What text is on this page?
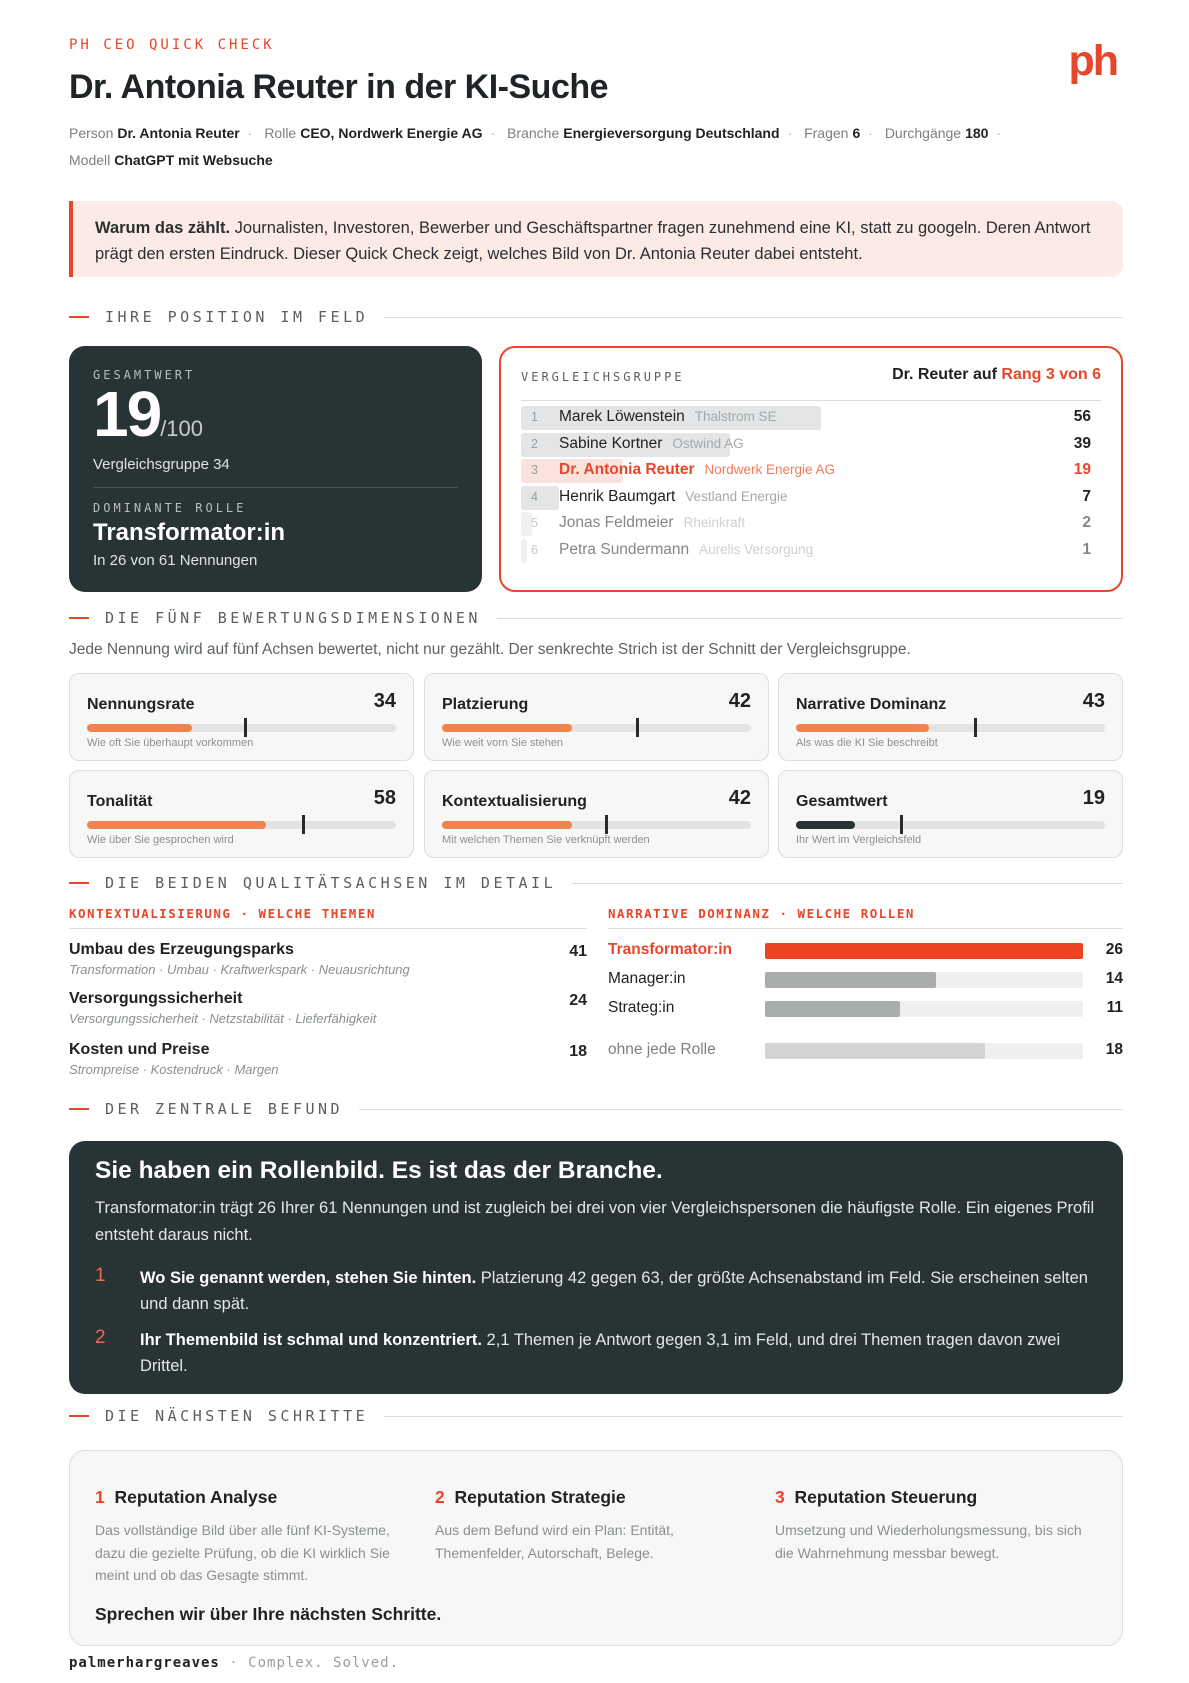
PH CEO QUICK CHECK	ph
Dr. Antonia Reuter in der KI-Suche
Person Dr. Antonia Reuter · Rolle CEO, Nordwerk Energie AG · Branche Energieversorgung Deutschland · Fragen 6 · Durchgänge 180 ·
Modell ChatGPT mit Websuche
Warum das zählt. Journalisten, Investoren, Bewerber und Geschäftspartner fragen zunehmend eine KI, statt zu googeln. Deren Antwort prägt den ersten Eindruck. Dieser Quick Check zeigt, welches Bild von Dr. Antonia Reuter dabei entsteht.
IHRE POSITION IM FELD
GESAMTWERT
19/100
Vergleichsgruppe 34
DOMINANTE ROLLE
Transformator:in
In 26 von 61 Nennungen
VERGLEICHSGRUPPE	Dr. Reuter auf Rang 3 von 6
1 Marek Löwenstein Thalstrom SE	56
2 Sabine Kortner Ostwind AG	39
3 Dr. Antonia Reuter Nordwerk Energie AG	19
4 Henrik Baumgart Vestland Energie	7
5 Jonas Feldmeier Rheinkraft	2
6 Petra Sundermann Aurelis Versorgung	1
DIE FÜNF BEWERTUNGSDIMENSIONEN
Jede Nennung wird auf fünf Achsen bewertet, nicht nur gezählt. Der senkrechte Strich ist der Schnitt der Vergleichsgruppe.
Nennungsrate	34
Wie oft Sie überhaupt vorkommen
Platzierung	42
Wie weit vorn Sie stehen
Narrative Dominanz	43
Als was die KI Sie beschreibt
Tonalität	58
Wie über Sie gesprochen wird
Kontextualisierung	42
Mit welchen Themen Sie verknüpft werden
Gesamtwert	19
Ihr Wert im Vergleichsfeld
DIE BEIDEN QUALITÄTSACHSEN IM DETAIL
KONTEXTUALISIERUNG · WELCHE THEMEN
Umbau des Erzeugungsparks
Transformation · Umbau · Kraftwerkspark · Neuausrichtung
41
Versorgungssicherheit
Versorgungssicherheit · Netzstabilität · Lieferfähigkeit
24
Kosten und Preise
Strompreise · Kostendruck · Margen
18
NARRATIVE DOMINANZ · WELCHE ROLLEN
Transformator:in	26
Manager:in	14
Strateg:in	11
ohne jede Rolle	18
DER ZENTRALE BEFUND
Sie haben ein Rollenbild. Es ist das der Branche.
Transformator:in trägt 26 Ihrer 61 Nennungen und ist zugleich bei drei von vier Vergleichspersonen die häufigste Rolle. Ein eigenes Profil entsteht daraus nicht.
1 Wo Sie genannt werden, stehen Sie hinten. Platzierung 42 gegen 63, der größte Achsenabstand im Feld. Sie erscheinen selten und dann spät.
2 Ihr Themenbild ist schmal und konzentriert. 2,1 Themen je Antwort gegen 3,1 im Feld, und drei Themen tragen davon zwei Drittel.
DIE NÄCHSTEN SCHRITTE
1 Reputation Analyse
Das vollständige Bild über alle fünf KI-Systeme, dazu die gezielte Prüfung, ob die KI wirklich Sie meint und ob das Gesagte stimmt.
2 Reputation Strategie
Aus dem Befund wird ein Plan: Entität, Themenfelder, Autorschaft, Belege.
3 Reputation Steuerung
Umsetzung und Wiederholungsmessung, bis sich die Wahrnehmung messbar bewegt.
Sprechen wir über Ihre nächsten Schritte.
palmerhargreaves · Complex. Solved.
